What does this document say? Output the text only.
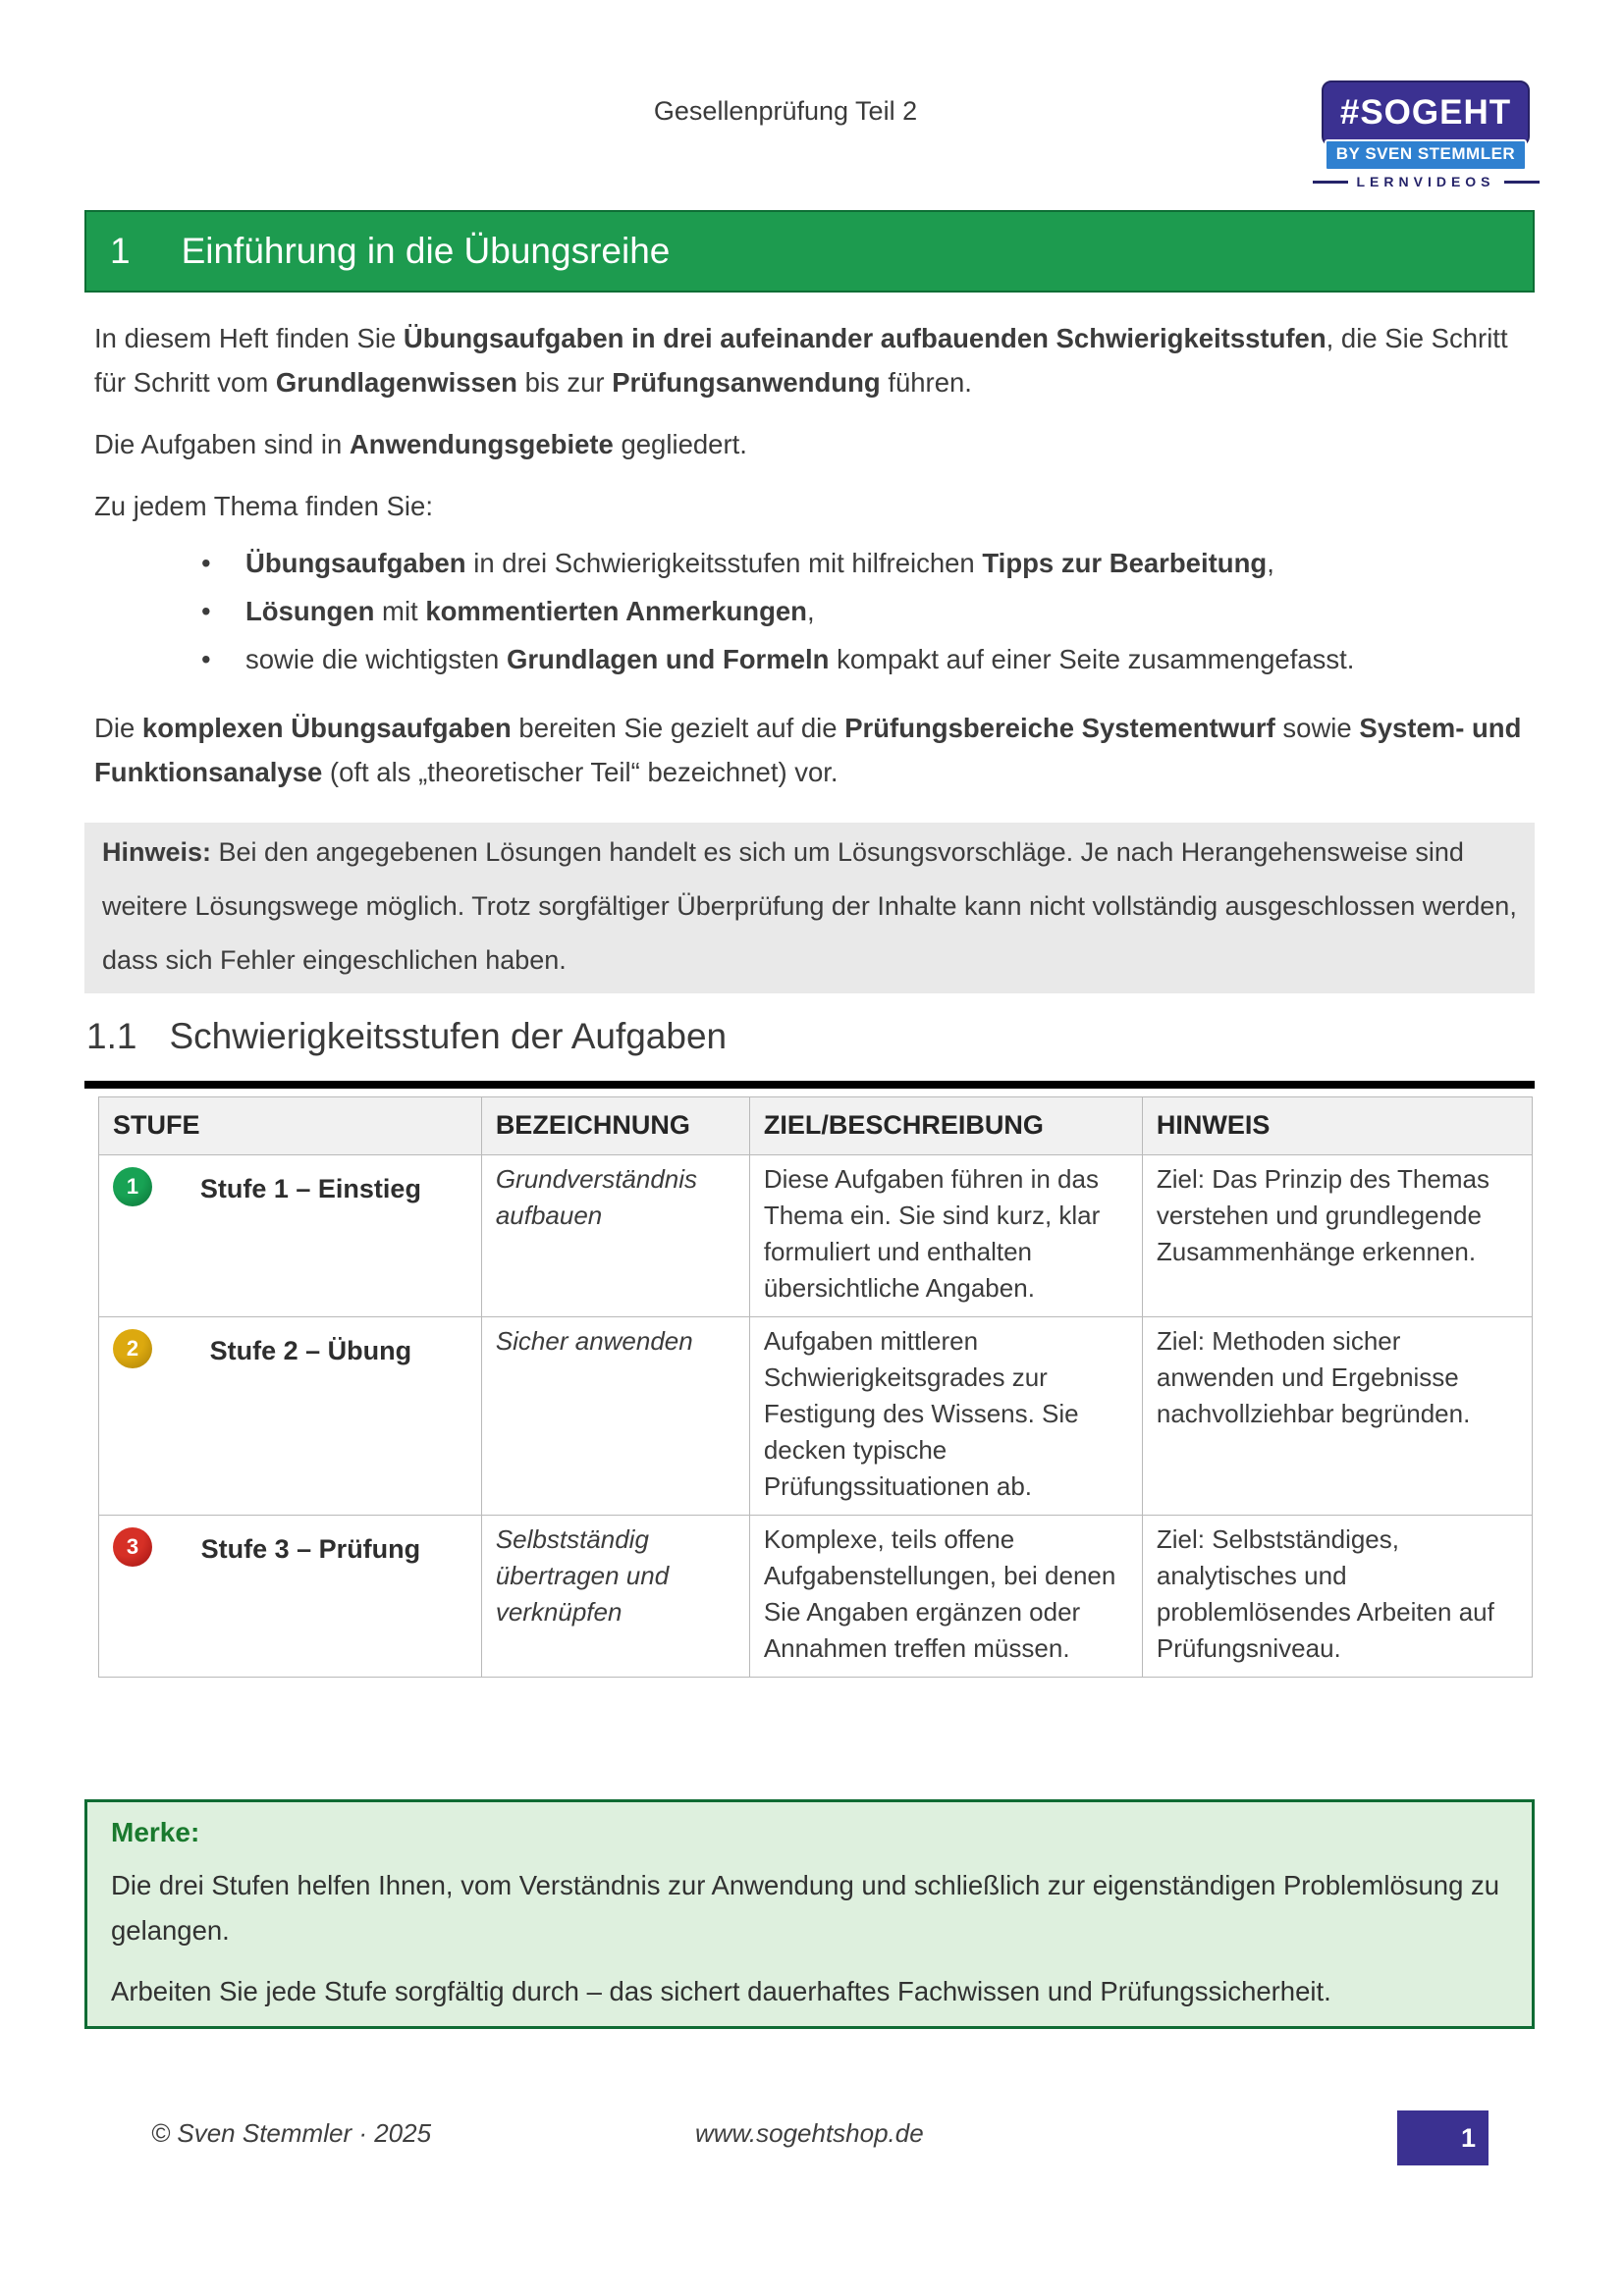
Gesellenprüfung Teil 2	#SOGEHT
BY SVEN STEMMLER
LERNVIDEOS
1	Einführung in die Übungsreihe

In diesem Heft finden Sie Übungsaufgaben in drei aufeinander aufbauenden Schwierigkeitsstufen, die Sie Schritt für Schritt vom Grundlagenwissen bis zur Prüfungsanwendung führen.

Die Aufgaben sind in Anwendungsgebiete gegliedert.

Zu jedem Thema finden Sie:

•	Übungsaufgaben in drei Schwierigkeitsstufen mit hilfreichen Tipps zur Bearbeitung,
•	Lösungen mit kommentierten Anmerkungen,
•	sowie die wichtigsten Grundlagen und Formeln kompakt auf einer Seite zusammengefasst.

Die komplexen Übungsaufgaben bereiten Sie gezielt auf die Prüfungsbereiche Systementwurf sowie System- und Funktionsanalyse (oft als „theoretischer Teil“ bezeichnet) vor.

Hinweis: Bei den angegebenen Lösungen handelt es sich um Lösungsvorschläge. Je nach Herangehensweise sind weitere Lösungswege möglich. Trotz sorgfältiger Überprüfung der Inhalte kann nicht vollständig ausgeschlossen werden, dass sich Fehler eingeschlichen haben.
1.1 Schwierigkeitsstufen der Aufgaben
STUFE	BEZEICHNUNG	ZIEL/BESCHREIBUNG	HINWEIS

1 Stufe 1 – Einstieg	Grundverständnis aufbauen	Diese Aufgaben führen in das Thema ein. Sie sind kurz, klar formuliert und enthalten übersichtliche Angaben.	Ziel: Das Prinzip des Themas verstehen und grundlegende Zusammenhänge erkennen.

2 Stufe 2 – Übung	Sicher anwenden	Aufgaben mittleren Schwierigkeitsgrades zur Festigung des Wissens. Sie decken typische Prüfungssituationen ab.	Ziel: Methoden sicher anwenden und Ergebnisse nachvollziehbar begründen.

3 Stufe 3 – Prüfung	Selbstständig übertragen und verknüpfen	Komplexe, teils offene Aufgabenstellungen, bei denen Sie Angaben ergänzen oder Annahmen treffen müssen.	Ziel: Selbstständiges, analytisches und problemlösendes Arbeiten auf Prüfungsniveau.
Merke:

Die drei Stufen helfen Ihnen, vom Verständnis zur Anwendung und schließlich zur eigenständigen Problemlösung zu gelangen.

Arbeiten Sie jede Stufe sorgfältig durch – das sichert dauerhaftes Fachwissen und Prüfungssicherheit.

© Sven Stemmler · 2025	www.sogehtshop.de	1
